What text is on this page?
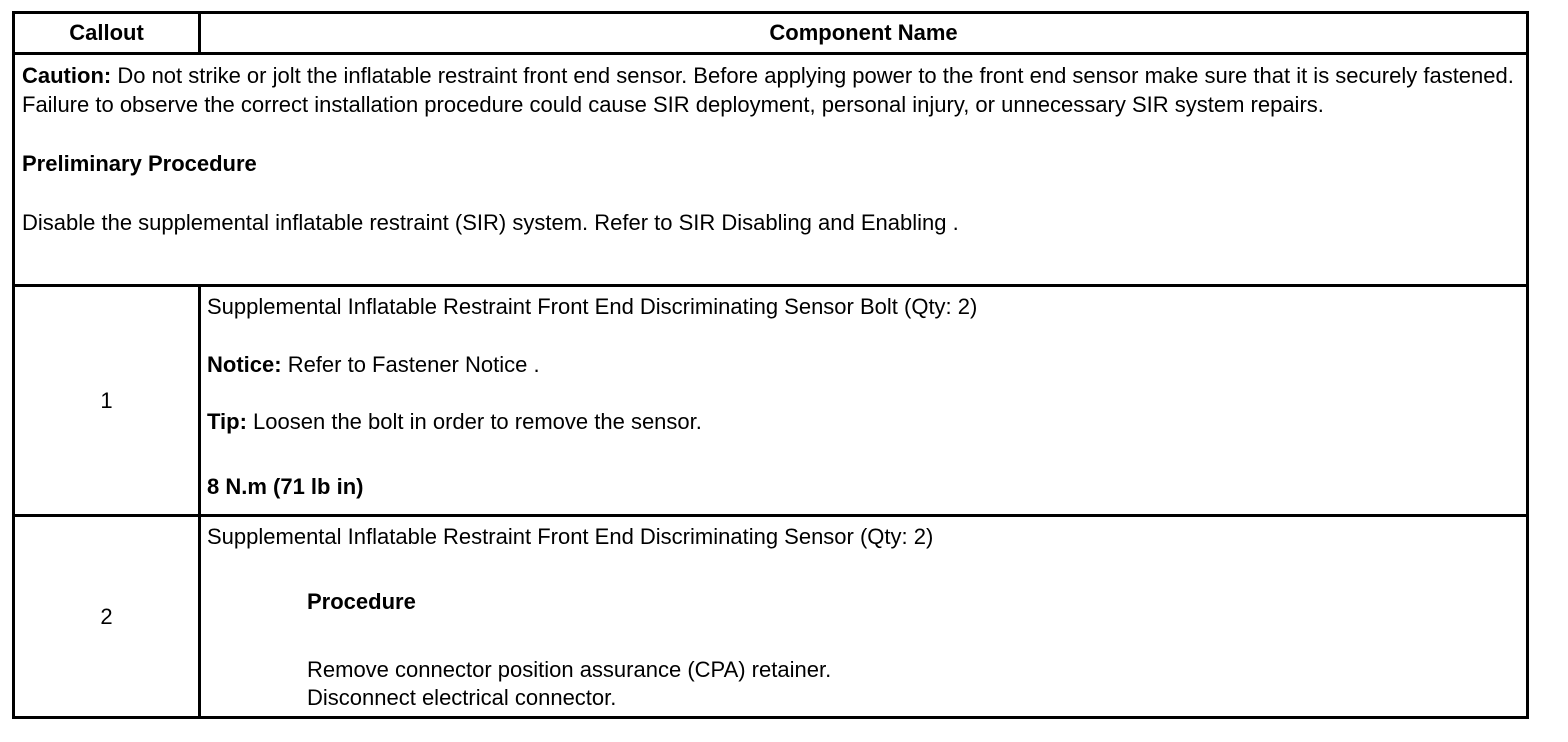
Callout	Component Name

Caution: Do not strike or jolt the inflatable restraint front end sensor. Before applying power to the front end sensor make sure that it is securely fastened. Failure to observe the correct installation procedure could cause SIR deployment, personal injury, or unnecessary SIR system repairs.
Preliminary Procedure
Disable the supplemental inflatable restraint (SIR) system. Refer to SIR Disabling and Enabling .	

1	Supplemental Inflatable Restraint Front End Discriminating Sensor Bolt (Qty: 2)
Notice: Refer to Fastener Notice .
Tip: Loosen the bolt in order to remove the sensor.
8 N.m (71 lb in)

2	Supplemental Inflatable Restraint Front End Discriminating Sensor (Qty: 2)
Procedure
Remove connector position assurance (CPA) retainer.
Disconnect electrical connector.
